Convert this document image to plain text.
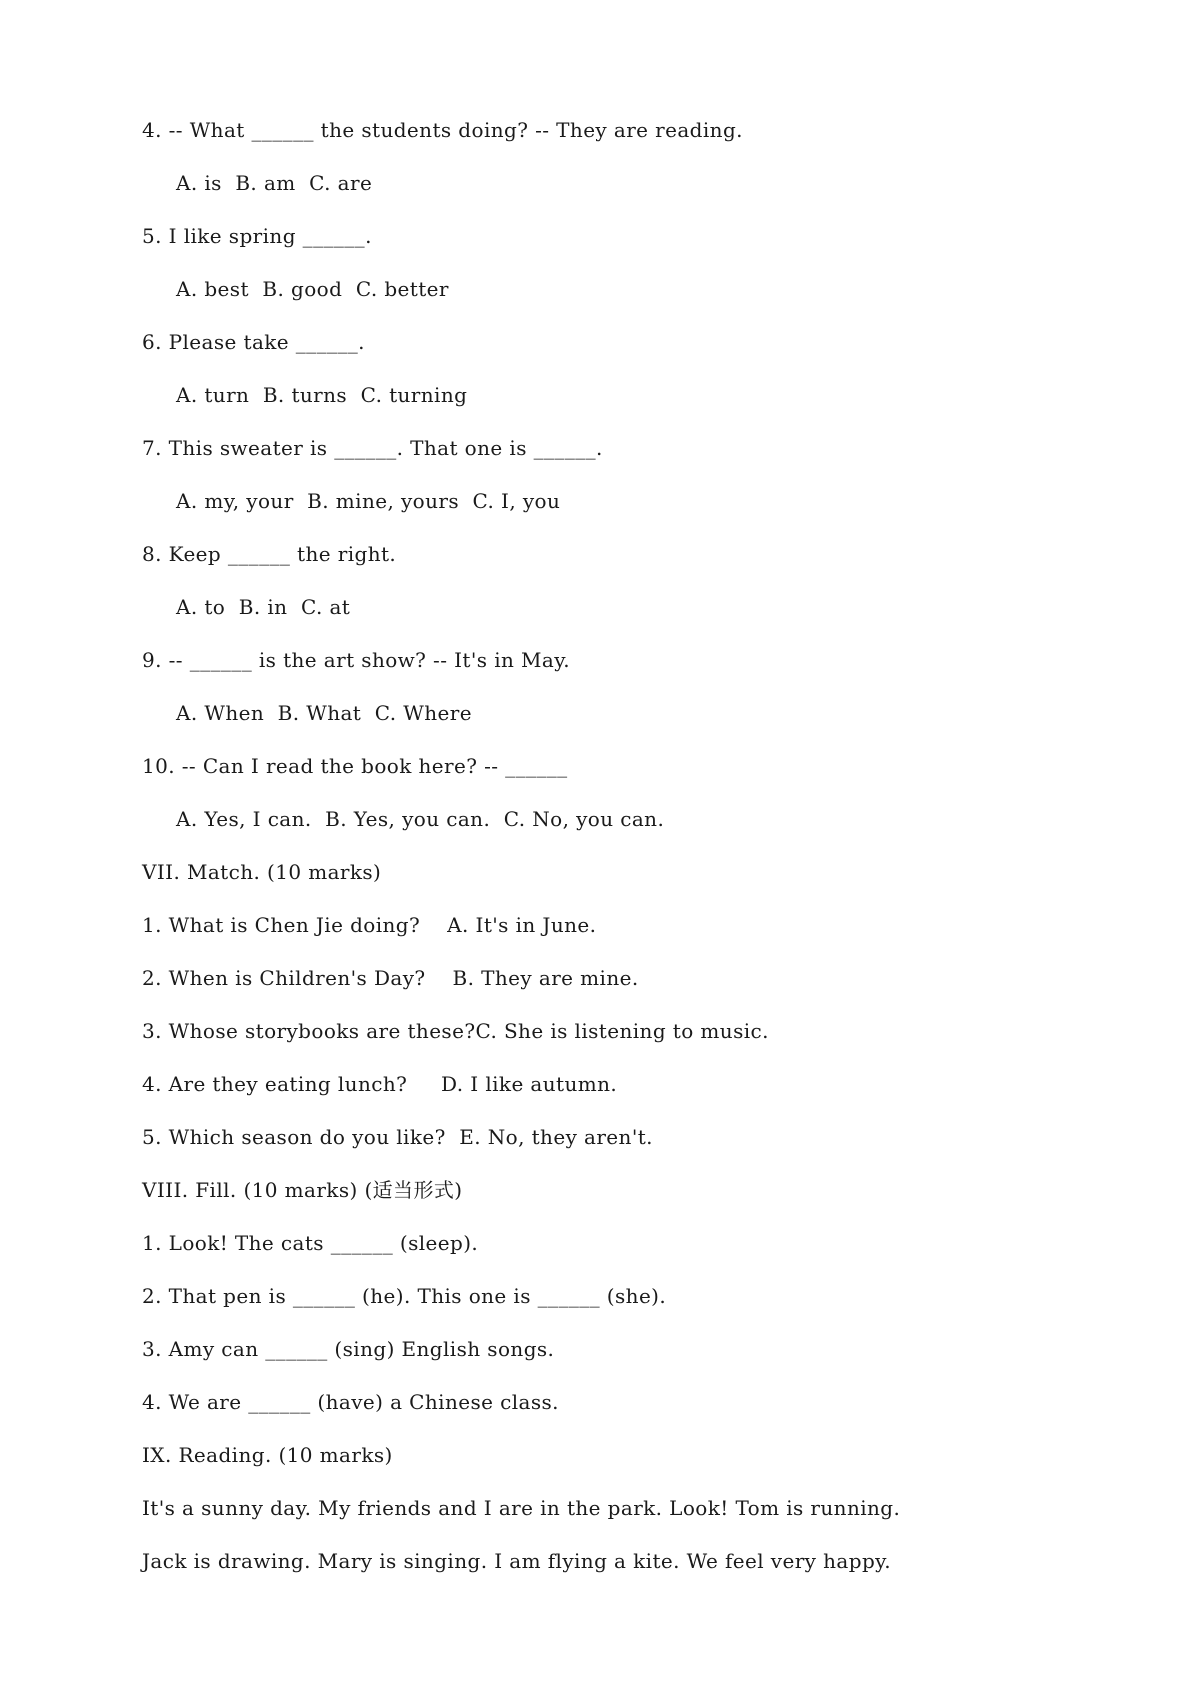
4. -- What ______ the students doing? -- They are reading.
A. is  B. am  C. are
5. I like spring ______.
A. best  B. good  C. better
6. Please take ______.
A. turn  B. turns  C. turning
7. This sweater is ______. That one is ______.
A. my, your  B. mine, yours  C. I, you
8. Keep ______ the right.
A. to  B. in  C. at
9. -- ______ is the art show? -- It's in May.
A. When  B. What  C. Where
10. -- Can I read the book here? -- ______
A. Yes, I can.  B. Yes, you can.  C. No, you can.
VII. Match. (10 marks)
1. What is Chen Jie doing?    A. It's in June.
2. When is Children's Day?    B. They are mine.
3. Whose storybooks are these?C. She is listening to music.
4. Are they eating lunch?     D. I like autumn.
5. Which season do you like?  E. No, they aren't.
VIII. Fill. (10 marks) (适当形式)
1. Look! The cats ______ (sleep).
2. That pen is ______ (he). This one is ______ (she).
3. Amy can ______ (sing) English songs.
4. We are ______ (have) a Chinese class.
IX. Reading. (10 marks)
It's a sunny day. My friends and I are in the park. Look! Tom is running.
Jack is drawing. Mary is singing. I am flying a kite. We feel very happy.
